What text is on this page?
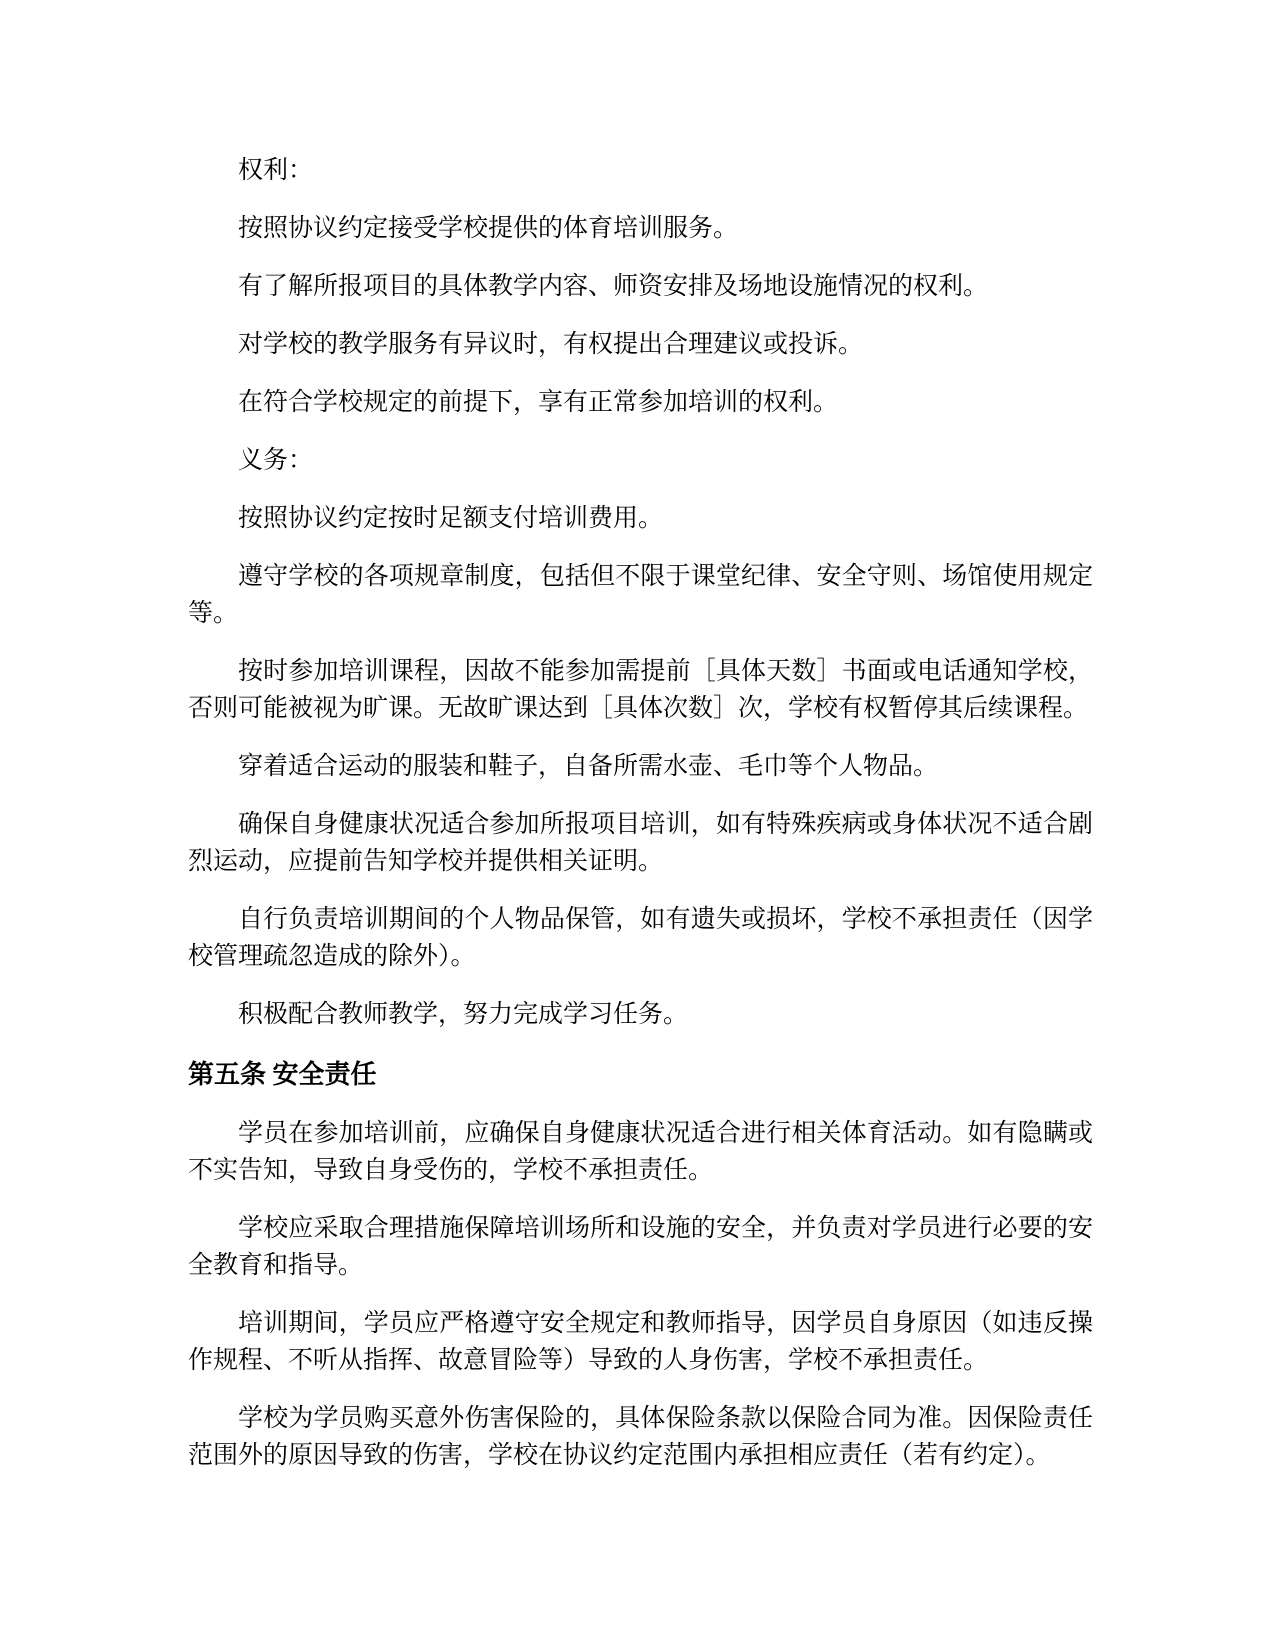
权利：

按照协议约定接受学校提供的体育培训服务。

有了解所报项目的具体教学内容、师资安排及场地设施情况的权利。

对学校的教学服务有异议时，有权提出合理建议或投诉。

在符合学校规定的前提下，享有正常参加培训的权利。

义务：

按照协议约定按时足额支付培训费用。

遵守学校的各项规章制度，包括但不限于课堂纪律、安全守则、场馆使用规定等。

按时参加培训课程，因故不能参加需提前［具体天数］书面或电话通知学校，否则可能被视为旷课。无故旷课达到［具体次数］次，学校有权暂停其后续课程。

穿着适合运动的服装和鞋子，自备所需水壶、毛巾等个人物品。

确保自身健康状况适合参加所报项目培训，如有特殊疾病或身体状况不适合剧烈运动，应提前告知学校并提供相关证明。

自行负责培训期间的个人物品保管，如有遗失或损坏，学校不承担责任（因学校管理疏忽造成的除外）。

积极配合教师教学，努力完成学习任务。

第五条 安全责任

学员在参加培训前，应确保自身健康状况适合进行相关体育活动。如有隐瞒或不实告知，导致自身受伤的，学校不承担责任。

学校应采取合理措施保障培训场所和设施的安全，并负责对学员进行必要的安全教育和指导。

培训期间，学员应严格遵守安全规定和教师指导，因学员自身原因（如违反操作规程、不听从指挥、故意冒险等）导致的人身伤害，学校不承担责任。

学校为学员购买意外伤害保险的，具体保险条款以保险合同为准。因保险责任范围外的原因导致的伤害，学校在协议约定范围内承担相应责任（若有约定）。
